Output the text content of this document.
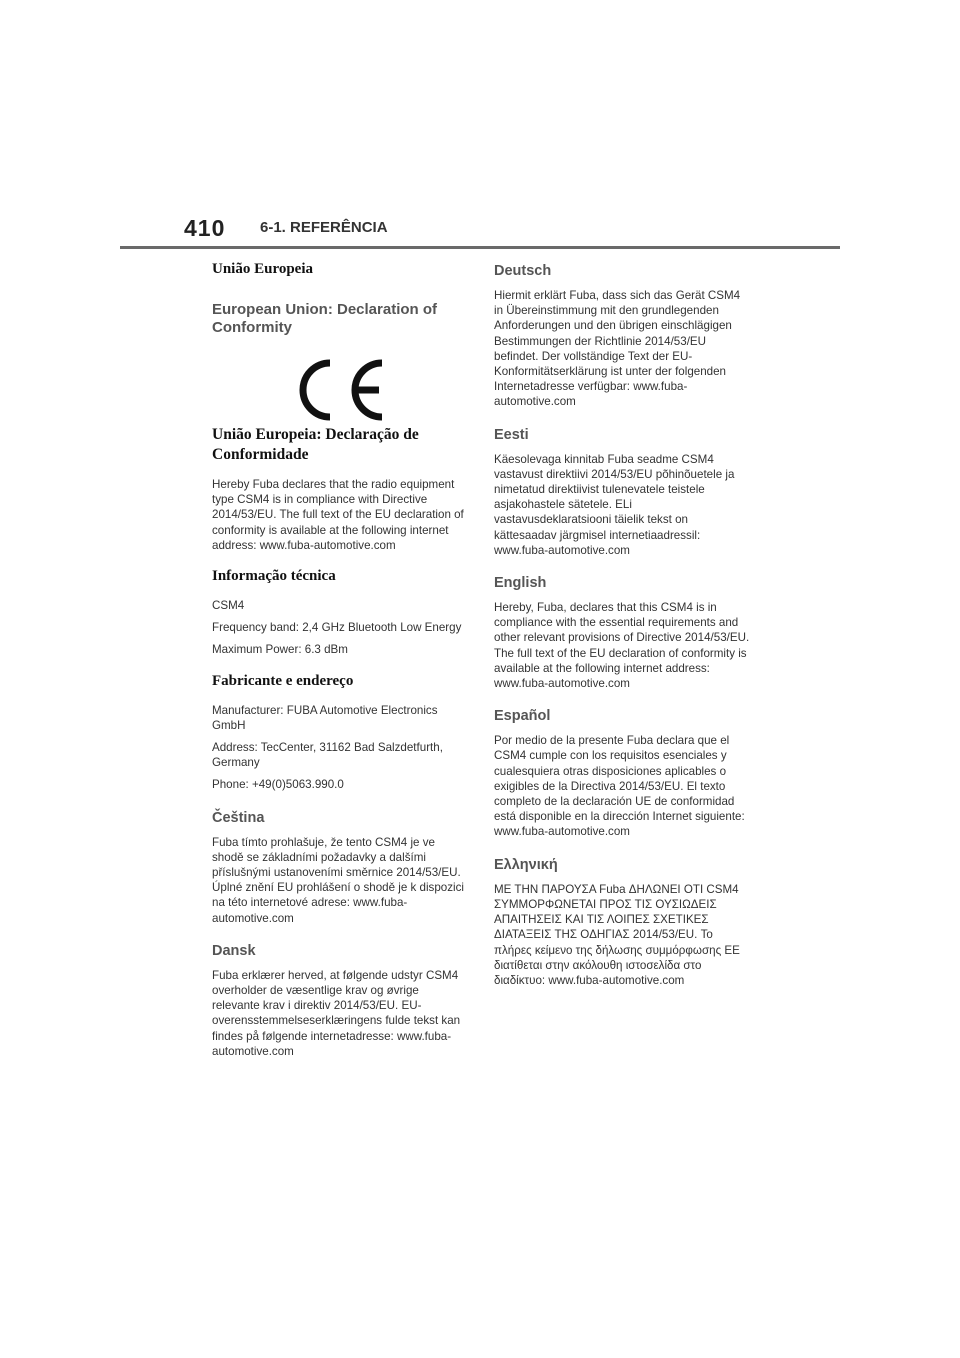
410 6-1. REFERÊNCIA
União Europeia
European Union: Declaration of Conformity
União Europeia: Declaração de Conformidade

Hereby Fuba declares that the radio equipment type CSM4 is in compliance with Directive 2014/53/EU. The full text of the EU declaration of conformity is available at the following internet address: www.fuba-automotive.com

Informação técnica

CSM4

Frequency band: 2,4 GHz Bluetooth Low Energy

Maximum Power: 6.3 dBm

Fabricante e endereço

Manufacturer: FUBA Automotive Electronics GmbH

Address: TecCenter, 31162 Bad Salzdetfurth, Germany

Phone: +49(0)5063.990.0

Čeština

Fuba tímto prohlašuje, že tento CSM4 je ve shodě se základními požadavky a dalšími příslušnými ustanoveními směrnice 2014/53/EU. Úplné znění EU prohlášení o shodě je k dispozici na této internetové adrese: www.fuba-automotive.com

Dansk

Fuba erklærer herved, at følgende udstyr CSM4 overholder de væsentlige krav og øvrige relevante krav i direktiv 2014/53/EU. EU-overensstemmelseserklæringens fulde tekst kan findes på følgende internetadresse: www.fuba-automotive.com

Deutsch

Hiermit erklärt Fuba, dass sich das Gerät CSM4 in Übereinstimmung mit den grundlegenden Anforderungen und den übrigen einschlägigen Bestimmungen der Richtlinie 2014/53/EU befindet. Der vollständige Text der EU-Konformitätserklärung ist unter der folgenden Internetadresse verfügbar: www.fuba-automotive.com

Eesti

Käesolevaga kinnitab Fuba seadme CSM4 vastavust direktiivi 2014/53/EU põhinõuetele ja nimetatud direktiivist tulenevatele teistele asjakohastele sätetele. ELi vastavusdeklaratsiooni täielik tekst on kättesaadav järgmisel internetiaadressil: www.fuba-automotive.com

English

Hereby, Fuba, declares that this CSM4 is in compliance with the essential requirements and other relevant provisions of Directive 2014/53/EU. The full text of the EU declaration of conformity is available at the following internet address: www.fuba-automotive.com

Español

Por medio de la presente Fuba declara que el CSM4 cumple con los requisitos esenciales y cualesquiera otras disposiciones aplicables o exigibles de la Directiva 2014/53/EU. El texto completo de la declaración UE de conformidad está disponible en la dirección Internet siguiente: www.fuba-automotive.com

Ελληνική

ΜΕ ΤΗΝ ΠΑΡΟΥΣΑ Fuba ΔΗΛΩΝΕΙ ΟΤΙ CSM4 ΣΥΜΜΟΡΦΩΝΕΤΑΙ ΠΡΟΣ ΤΙΣ ΟΥΣΙΩΔΕΙΣ ΑΠΑΙΤΗΣΕΙΣ ΚΑΙ ΤΙΣ ΛΟΙΠΕΣ ΣΧΕΤΙΚΕΣ ΔΙΑΤΑΞΕΙΣ ΤΗΣ ΟΔΗΓΙΑΣ 2014/53/EU. Το πλήρες κείμενο της δήλωσης συμμόρφωσης ΕΕ διατίθεται στην ακόλουθη ιστοσελίδα στο διαδίκτυο: www.fuba-automotive.com
